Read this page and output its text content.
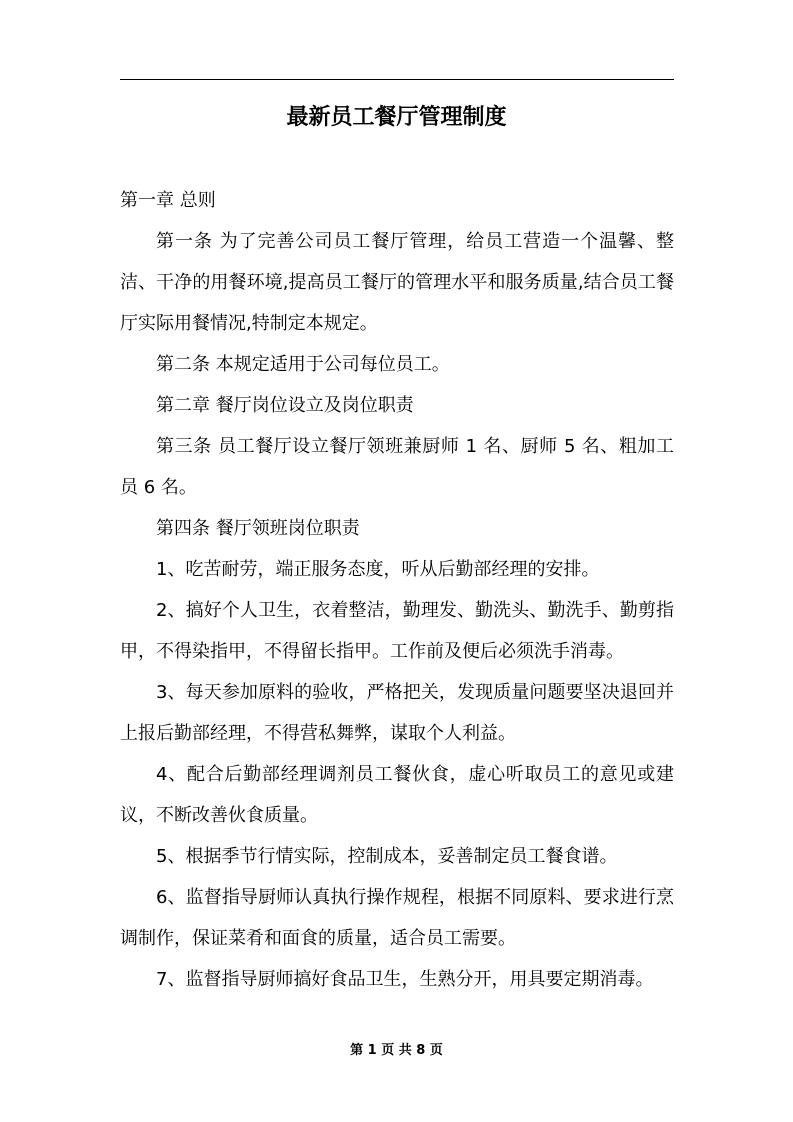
最新员工餐厅管理制度

第一章 总则

第一条 为了完善公司员工餐厅管理，给员工营造一个温馨、整洁、干净的用餐环境,提高员工餐厅的管理水平和服务质量,结合员工餐厅实际用餐情况,特制定本规定。

第二条 本规定适用于公司每位员工。

第二章 餐厅岗位设立及岗位职责

第三条 员工餐厅设立餐厅领班兼厨师 1 名、厨师 5 名、粗加工员 6 名。

第四条 餐厅领班岗位职责

1、吃苦耐劳，端正服务态度，听从后勤部经理的安排。

2、搞好个人卫生，衣着整洁，勤理发、勤洗头、勤洗手、勤剪指甲，不得染指甲，不得留长指甲。工作前及便后必须洗手消毒。

3、每天参加原料的验收，严格把关，发现质量问题要坚决退回并上报后勤部经理，不得营私舞弊，谋取个人利益。

4、配合后勤部经理调剂员工餐伙食，虚心听取员工的意见或建议，不断改善伙食质量。

5、根据季节行情实际，控制成本，妥善制定员工餐食谱。

6、监督指导厨师认真执行操作规程，根据不同原料、要求进行烹调制作，保证菜肴和面食的质量，适合员工需要。

7、监督指导厨师搞好食品卫生，生熟分开，用具要定期消毒。

第 1 页 共 8 页
